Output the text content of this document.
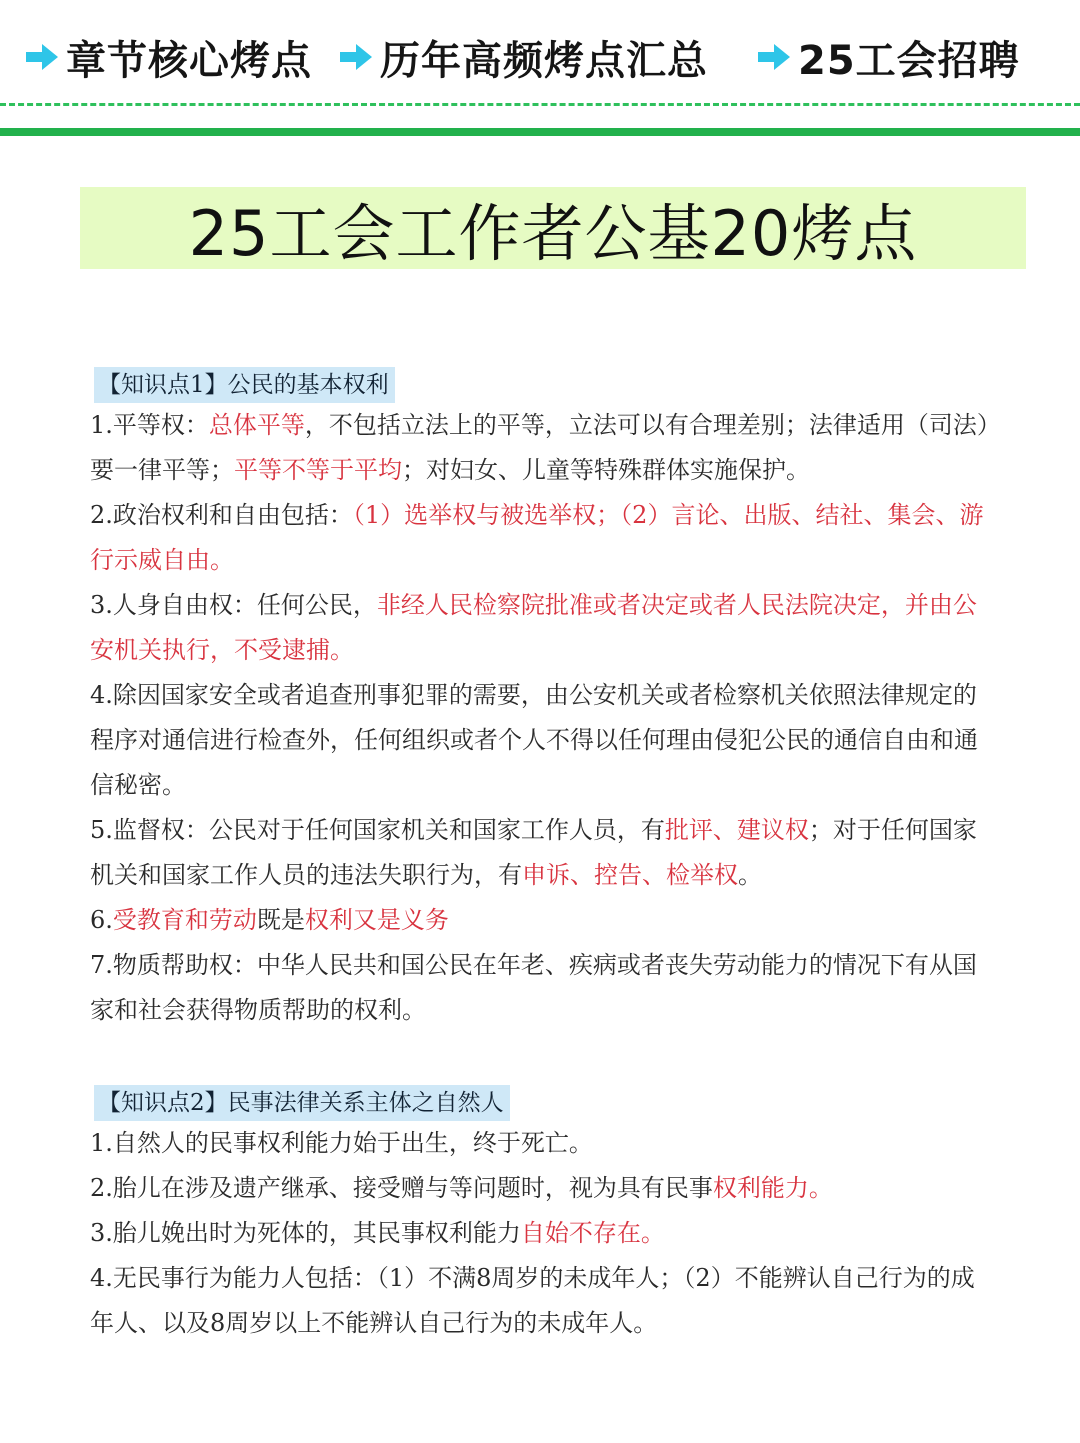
章节核心烤点 历年高频烤点汇总 25工会招聘
25工会工作者公基20烤点
【知识点1】公民的基本权利

1.平等权：总体平等，不包括立法上的平等，立法可以有合理差别；法律适用（司法）要一律平等；平等不等于平均；对妇女、儿童等特殊群体实施保护。

2.政治权利和自由包括：（1）选举权与被选举权；（2）言论、出版、结社、集会、游行示威自由。

3.人身自由权：任何公民，非经人民检察院批准或者决定或者人民法院决定，并由公安机关执行，不受逮捕。

4.除因国家安全或者追查刑事犯罪的需要，由公安机关或者检察机关依照法律规定的程序对通信进行检查外，任何组织或者个人不得以任何理由侵犯公民的通信自由和通信秘密。

5.监督权：公民对于任何国家机关和国家工作人员，有批评、建议权；对于任何国家机关和国家工作人员的违法失职行为，有申诉、控告、检举权。

6.受教育和劳动既是权利又是义务

7.物质帮助权：中华人民共和国公民在年老、疾病或者丧失劳动能力的情况下有从国家和社会获得物质帮助的权利。

【知识点2】民事法律关系主体之自然人

1.自然人的民事权利能力始于出生，终于死亡。

2.胎儿在涉及遗产继承、接受赠与等问题时，视为具有民事权利能力。

3.胎儿娩出时为死体的，其民事权利能力自始不存在。

4.无民事行为能力人包括：（1）不满8周岁的未成年人；（2）不能辨认自己行为的成年人、以及8周岁以上不能辨认自己行为的未成年人。
